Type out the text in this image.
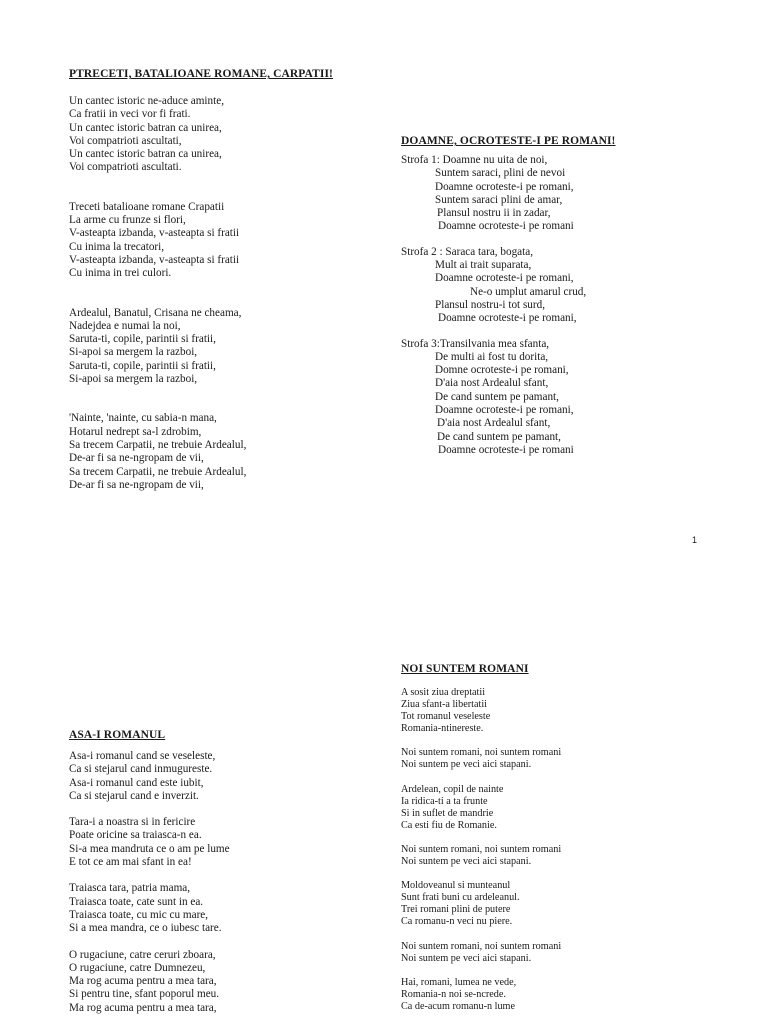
PTRECETI, BATALIOANE ROMANE, CARPATII!
Un cantec istoric ne-aduce aminte,
Ca fratii in veci vor fi frati.
Un cantec istoric batran ca unirea,
Voi compatrioti ascultati,
Un cantec istoric batran ca unirea,
Voi compatrioti ascultati.
Treceti batalioane romane Crapatii
La arme cu frunze si flori,
V-asteapta izbanda, v-asteapta si fratii
Cu inima la trecatori,
V-asteapta izbanda, v-asteapta si fratii
Cu inima in trei culori.
Ardealul, Banatul, Crisana ne cheama,
Nadejdea e numai la noi,
Saruta-ti, copile, parintii si fratii,
Si-apoi sa mergem la razboi,
Saruta-ti, copile, parintii si fratii,
Si-apoi sa mergem la razboi,
'Nainte, 'nainte, cu sabia-n mana,
Hotarul nedrept sa-l zdrobim,
Sa trecem Carpatii, ne trebuie Ardealul,
De-ar fi sa ne-ngropam de vii,
Sa trecem Carpatii, ne trebuie Ardealul,
De-ar fi sa ne-ngropam de vii,
DOAMNE, OCROTESTE-I PE ROMANI!
Strofa 1: Doamne nu uita de noi,
Suntem saraci, plini de nevoi
Doamne ocroteste-i pe romani,
Suntem saraci plini de amar,
Plansul nostru ii in zadar,
Doamne ocroteste-i pe romani
Strofa 2 : Saraca tara, bogata,
Mult ai trait suparata,
Doamne ocroteste-i pe romani,
Ne-o umplut amarul crud,
Plansul nostru-i tot surd,
Doamne ocroteste-i pe romani,
Strofa 3:Transilvania mea sfanta,
De multi ai fost tu dorita,
Domne ocroteste-i pe romani,
D'aia nost Ardealul sfant,
De cand suntem pe pamant,
Doamne ocroteste-i pe romani,
D'aia nost Ardealul sfant,
De cand suntem pe pamant,
Doamne ocroteste-i pe romani
1
ASA-I ROMANUL
Asa-i romanul cand se veseleste,
Ca si stejarul cand inmugureste.
Asa-i romanul cand este iubit,
Ca si stejarul cand e inverzit.
Tara-i a noastra si in fericire
Poate oricine sa traiasca-n ea.
Si-a mea mandruta ce o am pe lume
E tot ce am mai sfant in ea!
Traiasca tara, patria mama,
Traiasca toate, cate sunt in ea.
Traiasca toate, cu mic cu mare,
Si a mea mandra, ce o iubesc tare.
O rugaciune, catre ceruri zboara,
O rugaciune, catre Dumnezeu,
Ma rog acuma pentru a mea tara,
Si pentru tine, sfant poporul meu.
Ma rog acuma pentru a mea tara,
NOI SUNTEM ROMANI
A sosit ziua dreptatii
Ziua sfant-a libertatii
Tot romanul veseleste
Romania-ntinereste.
Noi suntem romani, noi suntem romani
Noi suntem pe veci aici stapani.
Ardelean, copil de nainte
Ia ridica-ti a ta frunte
Si in suflet de mandrie
Ca esti fiu de Romanie.
Noi suntem romani, noi suntem romani
Noi suntem pe veci aici stapani.
Moldoveanul si munteanul
Sunt frati buni cu ardeleanul.
Trei romani plini de putere
Ca romanu-n veci nu piere.
Noi suntem romani, noi suntem romani
Noi suntem pe veci aici stapani.
Hai, romani, lumea ne vede,
Romania-n noi se-ncrede.
Ca de-acum romanu-n lume
